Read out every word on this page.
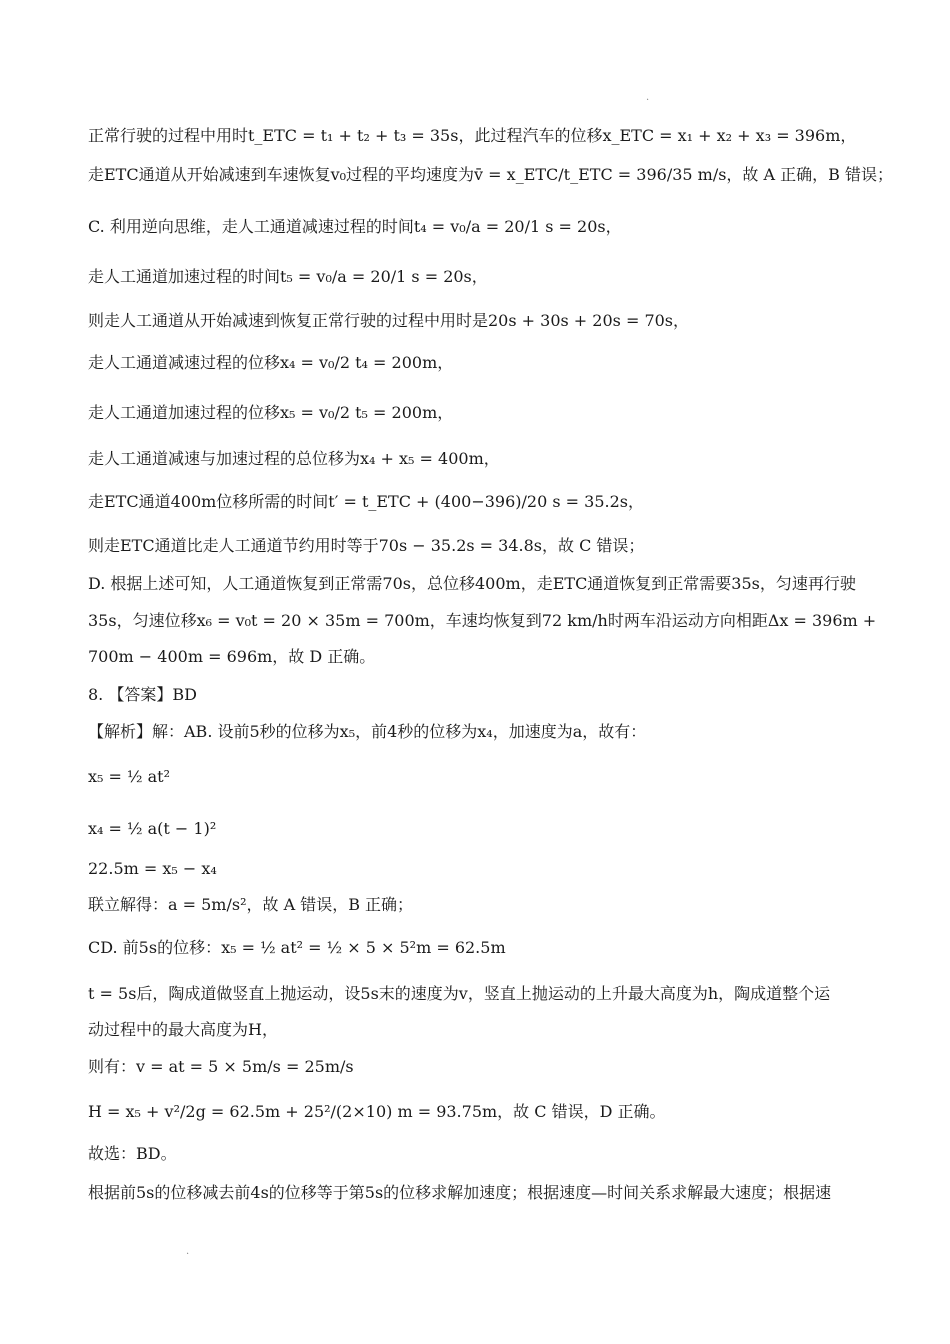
.
正常行驶的过程中用时t_ETC = t₁ + t₂ + t₃ = 35s，此过程汽车的位移x_ETC = x₁ + x₂ + x₃ = 396m，
走ETC通道从开始减速到车速恢复v₀过程的平均速度为v̄ = x_ETC/t_ETC = 396/35 m/s，故 A 正确，B 错误；
C. 利用逆向思维，走人工通道减速过程的时间t₄ = v₀/a = 20/1 s = 20s，
走人工通道加速过程的时间t₅ = v₀/a = 20/1 s = 20s，
则走人工通道从开始减速到恢复正常行驶的过程中用时是20s + 30s + 20s = 70s，
走人工通道减速过程的位移x₄ = v₀/2 t₄ = 200m，
走人工通道加速过程的位移x₅ = v₀/2 t₅ = 200m，
走人工通道减速与加速过程的总位移为x₄ + x₅ = 400m，
走ETC通道400m位移所需的时间t′ = t_ETC + (400−396)/20 s = 35.2s，
则走ETC通道比走人工通道节约用时等于70s − 35.2s = 34.8s，故 C 错误；
D. 根据上述可知，人工通道恢复到正常需70s，总位移400m，走ETC通道恢复到正常需要35s，匀速再行驶
35s，匀速位移x₆ = v₀t = 20 × 35m = 700m，车速均恢复到72 km/h时两车沿运动方向相距Δx = 396m +
700m − 400m = 696m，故 D 正确。
8. 【答案】BD
【解析】解：AB. 设前5秒的位移为x₅，前4秒的位移为x₄，加速度为a，故有：
x₅ = ½ at²
x₄ = ½ a(t − 1)²
22.5m = x₅ − x₄
联立解得：a = 5m/s²，故 A 错误，B 正确；
CD. 前5s的位移：x₅ = ½ at² = ½ × 5 × 5²m = 62.5m
t = 5s后，陶成道做竖直上抛运动，设5s末的速度为v，竖直上抛运动的上升最大高度为h，陶成道整个运
动过程中的最大高度为H，
则有：v = at = 5 × 5m/s = 25m/s
H = x₅ + v²/2g = 62.5m + 25²/(2×10) m = 93.75m，故 C 错误，D 正确。
故选：BD。
根据前5s的位移减去前4s的位移等于第5s的位移求解加速度；根据速度—时间关系求解最大速度；根据速
.
